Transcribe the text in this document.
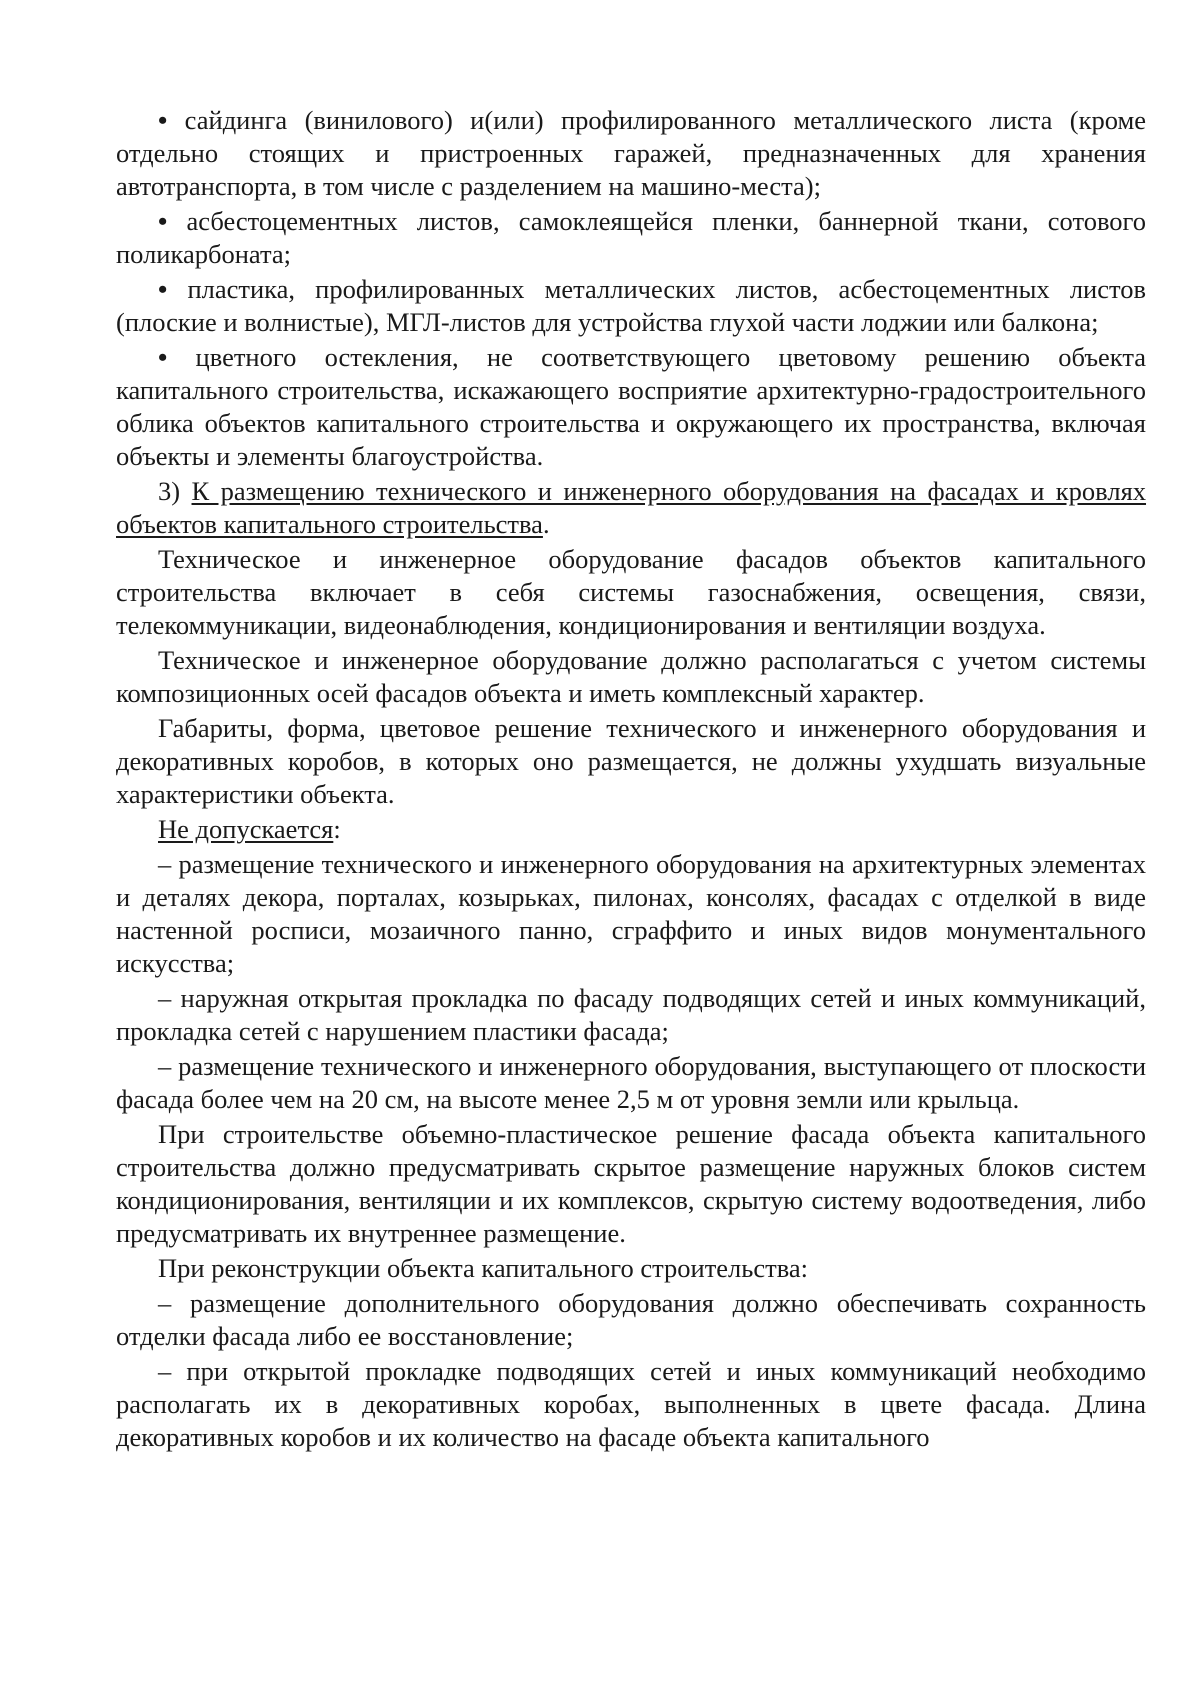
• сайдинга (винилового) и(или) профилированного металлического листа (кроме отдельно стоящих и пристроенных гаражей, предназначенных для хранения автотранспорта, в том числе с разделением на машино-места);

• асбестоцементных листов, самоклеящейся пленки, баннерной ткани, сотового поликарбоната;

• пластика, профилированных металлических листов, асбестоцементных листов (плоские и волнистые), МГЛ-листов для устройства глухой части лоджии или балкона;

• цветного остекления, не соответствующего цветовому решению объекта капитального строительства, искажающего восприятие архитектурно-градостроительного облика объектов капитального строительства и окружающего их пространства, включая объекты и элементы благоустройства.

3) К размещению технического и инженерного оборудования на фасадах и кровлях объектов капитального строительства.

Техническое и инженерное оборудование фасадов объектов капитального строительства включает в себя системы газоснабжения, освещения, связи, телекоммуникации, видеонаблюдения, кондиционирования и вентиляции воздуха.

Техническое и инженерное оборудование должно располагаться с учетом системы композиционных осей фасадов объекта и иметь комплексный характер.

Габариты, форма, цветовое решение технического и инженерного оборудования и декоративных коробов, в которых оно размещается, не должны ухудшать визуальные характеристики объекта.

Не допускается:

– размещение технического и инженерного оборудования на архитектурных элементах и деталях декора, порталах, козырьках, пилонах, консолях, фасадах с отделкой в виде настенной росписи, мозаичного панно, сграффито и иных видов монументального искусства;

– наружная открытая прокладка по фасаду подводящих сетей и иных коммуникаций, прокладка сетей с нарушением пластики фасада;

– размещение технического и инженерного оборудования, выступающего от плоскости фасада более чем на 20 см, на высоте менее 2,5 м от уровня земли или крыльца.

При строительстве объемно-пластическое решение фасада объекта капитального строительства должно предусматривать скрытое размещение наружных блоков систем кондиционирования, вентиляции и их комплексов, скрытую систему водоотведения, либо предусматривать их внутреннее размещение.

При реконструкции объекта капитального строительства:

– размещение дополнительного оборудования должно обеспечивать сохранность отделки фасада либо ее восстановление;

– при открытой прокладке подводящих сетей и иных коммуникаций необходимо располагать их в декоративных коробах, выполненных в цвете фасада. Длина декоративных коробов и их количество на фасаде объекта капитального
